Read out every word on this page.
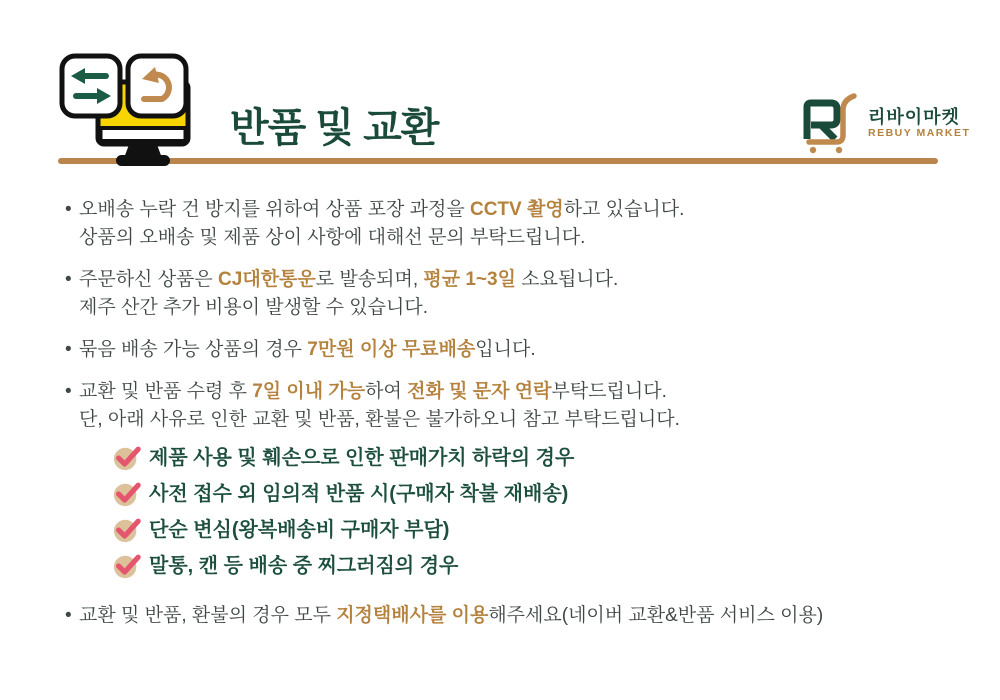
반품 및 교환	리바이마켓
REBUY MARKET
• 오배송 누락 건 방지를 위하여 상품 포장 과정을 CCTV 촬영하고 있습니다.
상품의 오배송 및 제품 상이 사항에 대해선 문의 부탁드립니다.
• 주문하신 상품은 CJ대한통운로 발송되며, 평균 1~3일 소요됩니다.
제주 산간 추가 비용이 발생할 수 있습니다.
• 묶음 배송 가능 상품의 경우 7만원 이상 무료배송입니다.
• 교환 및 반품 수령 후 7일 이내 가능하여 전화 및 문자 연락부탁드립니다.
단, 아래 사유로 인한 교환 및 반품, 환불은 불가하오니 참고 부탁드립니다.
제품 사용 및 훼손으로 인한 판매가치 하락의 경우
사전 접수 외 임의적 반품 시(구매자 착불 재배송)
단순 변심(왕복배송비 구매자 부담)
말통, 캔 등 배송 중 찌그러짐의 경우
• 교환 및 반품, 환불의 경우 모두 지정택배사를 이용해주세요(네이버 교환&반품 서비스 이용)
